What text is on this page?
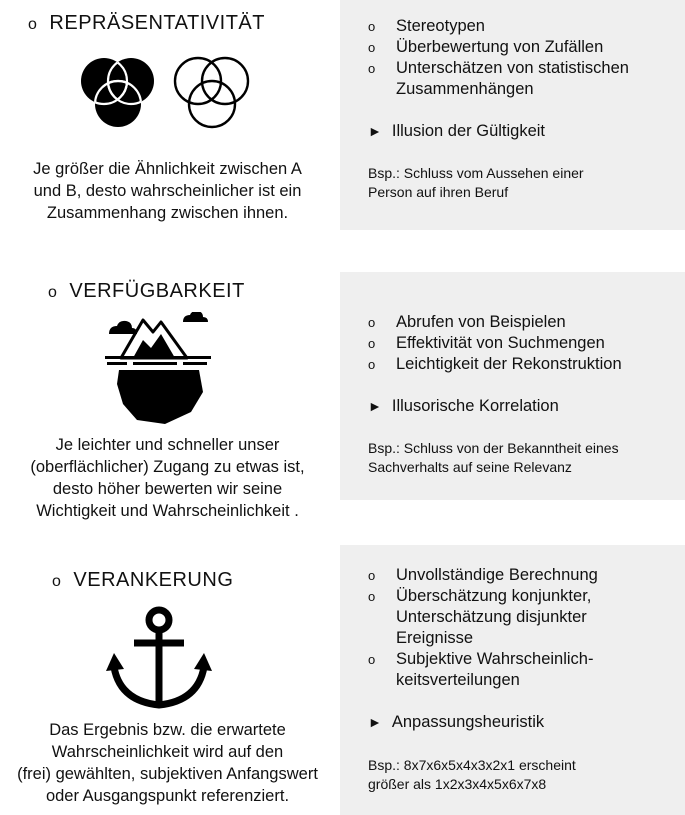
o REPRÄSENTATIVITÄT
Je größer die Ähnlichkeit zwischen A
und B, desto wahrscheinlicher ist ein
Zusammenhang zwischen ihnen.
o Stereotypen
o Überbewertung von Zufällen
o Unterschätzen von statistischen
Zusammenhängen
► Illusion der Gültigkeit
Bsp.: Schluss vom Aussehen einer
Person auf ihren Beruf
o VERFÜGBARKEIT
Je leichter und schneller unser
(oberflächlicher) Zugang zu etwas ist,
desto höher bewerten wir seine
Wichtigkeit und Wahrscheinlichkeit .
o Abrufen von Beispielen
o Effektivität von Suchmengen
o Leichtigkeit der Rekonstruktion
► Illusorische Korrelation
Bsp.: Schluss von der Bekanntheit eines
Sachverhalts auf seine Relevanz
o VERANKERUNG
Das Ergebnis bzw. die erwartete
Wahrscheinlichkeit wird auf den
(frei) gewählten, subjektiven Anfangswert
oder Ausgangspunkt referenziert.
o Unvollständige Berechnung
o Überschätzung konjunkter,
Unterschätzung disjunkter
Ereignisse
o Subjektive Wahrscheinlich-
keitsverteilungen
► Anpassungsheuristik
Bsp.: 8x7x6x5x4x3x2x1 erscheint
größer als 1x2x3x4x5x6x7x8
